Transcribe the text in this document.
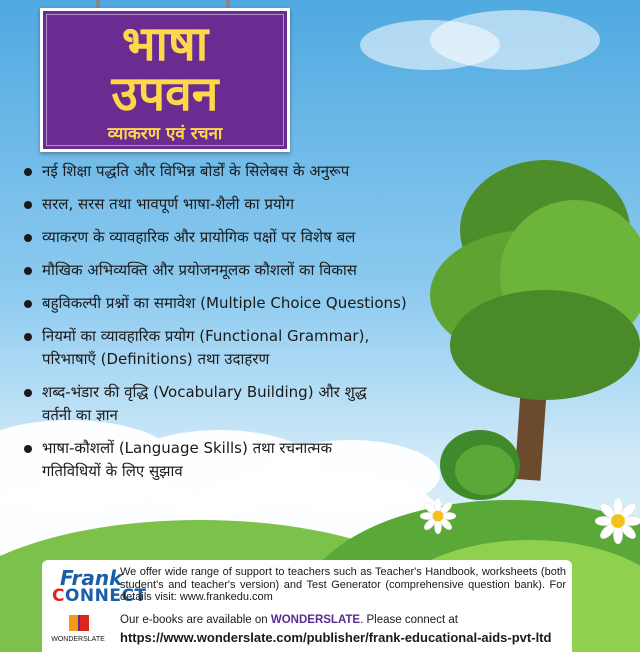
भाषा
उपवन
व्याकरण एवं रचना
नई शिक्षा पद्धति और विभिन्न बोर्डों के सिलेबस के अनुरूप
सरल, सरस तथा भावपूर्ण भाषा-शैली का प्रयोग
व्याकरण के व्यावहारिक और प्रायोगिक पक्षों पर विशेष बल
मौखिक अभिव्यक्ति और प्रयोजनमूलक कौशलों का विकास
बहुविकल्पी प्रश्नों का समावेश (Multiple Choice Questions)
नियमों का व्यावहारिक प्रयोग (Functional Grammar),
परिभाषाएँ (Definitions) तथा उदाहरण
शब्द-भंडार की वृद्धि (Vocabulary Building) और शुद्ध
वर्तनी का ज्ञान
भाषा-कौशलों (Language Skills) तथा रचनात्मक
गतिविधियों के लिए सुझाव
Frank
CONNECT
We offer wide range of support to teachers such as Teacher's Handbook, worksheets (both student's and teacher's version) and Test Generator (comprehensive question bank). For details visit: www.frankedu.com
WONDERSLATE
Our e-books are available on WONDERSLATE. Please connect at
https://www.wonderslate.com/publisher/frank-educational-aids-pvt-ltd
